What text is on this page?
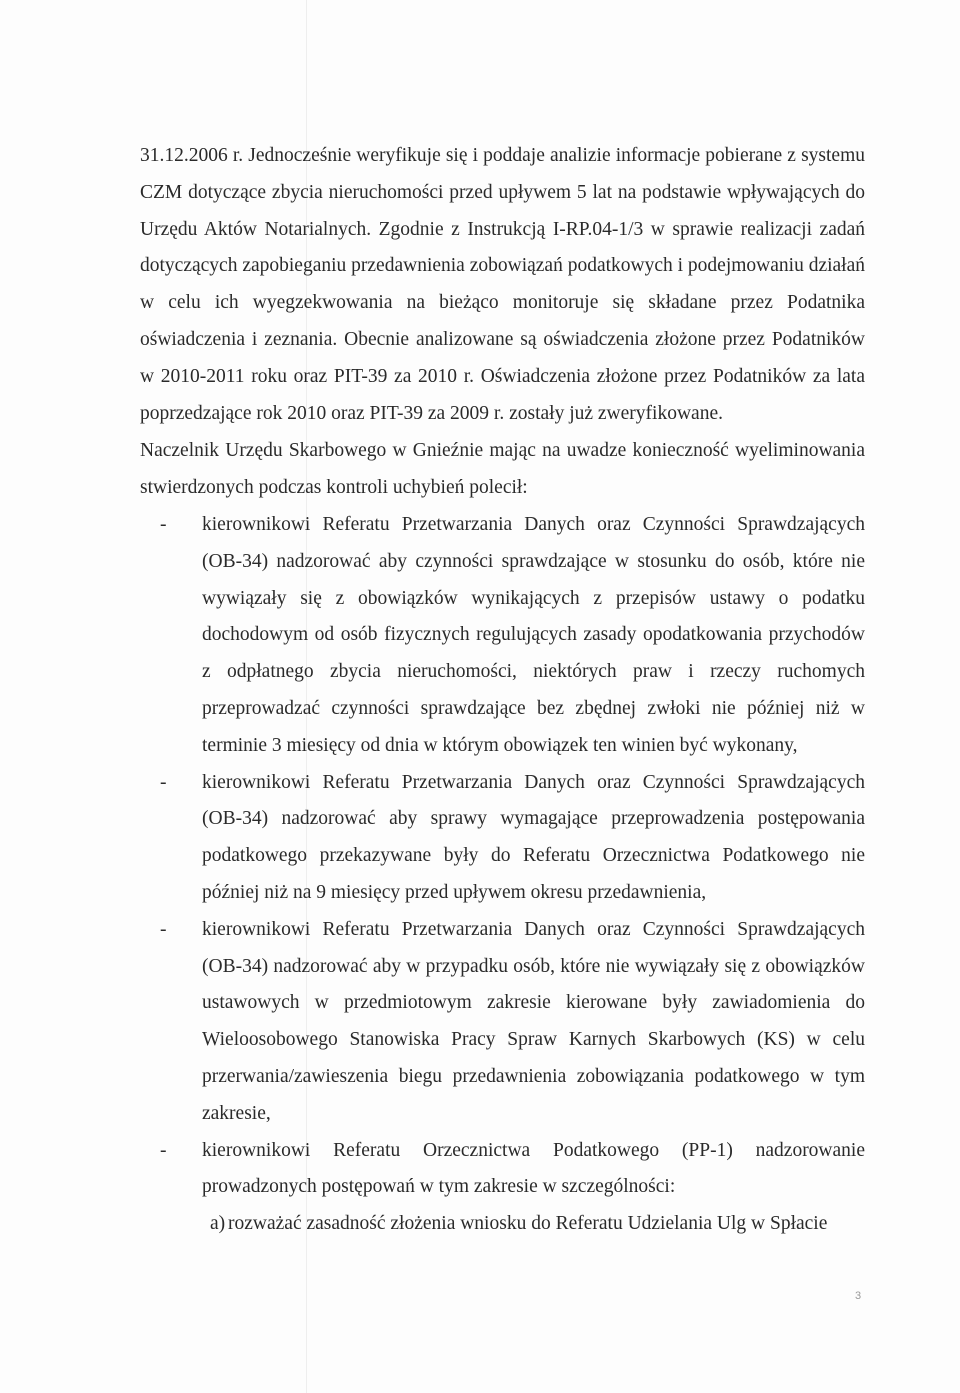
31.12.2006 r. Jednocześnie weryfikuje się i poddaje analizie informacje pobierane z systemu CZM dotyczące zbycia nieruchomości przed upływem 5 lat na podstawie wpływających do Urzędu Aktów Notarialnych. Zgodnie z Instrukcją I-RP.04-1/3 w sprawie realizacji zadań dotyczących zapobieganiu przedawnienia zobowiązań podatkowych i podejmowaniu działań w celu ich wyegzekwowania na bieżąco monitoruje się składane przez Podatnika oświadczenia i zeznania. Obecnie analizowane są oświadczenia złożone przez Podatników w 2010-2011 roku oraz PIT-39 za 2010 r. Oświadczenia złożone przez Podatników za lata poprzedzające rok 2010 oraz PIT-39 za 2009 r. zostały już zweryfikowane.

Naczelnik Urzędu Skarbowego w Gnieźnie mając na uwadze konieczność wyeliminowania stwierdzonych podczas kontroli uchybień polecił:

- kierownikowi Referatu Przetwarzania Danych oraz Czynności Sprawdzających (OB-34) nadzorować aby czynności sprawdzające w stosunku do osób, które nie wywiązały się z obowiązków wynikających z przepisów ustawy o podatku dochodowym od osób fizycznych regulujących zasady opodatkowania przychodów z odpłatnego zbycia nieruchomości, niektórych praw i rzeczy ruchomych przeprowadzać czynności sprawdzające bez zbędnej zwłoki nie później niż w terminie 3 miesięcy od dnia w którym obowiązek ten winien być wykonany,
- kierownikowi Referatu Przetwarzania Danych oraz Czynności Sprawdzających (OB-34) nadzorować aby sprawy wymagające przeprowadzenia postępowania podatkowego przekazywane były do Referatu Orzecznictwa Podatkowego nie później niż na 9 miesięcy przed upływem okresu przedawnienia,
- kierownikowi Referatu Przetwarzania Danych oraz Czynności Sprawdzających (OB-34) nadzorować aby w przypadku osób, które nie wywiązały się z obowiązków ustawowych w przedmiotowym zakresie kierowane były zawiadomienia do Wieloosobowego Stanowiska Pracy Spraw Karnych Skarbowych (KS) w celu przerwania/zawieszenia biegu przedawnienia zobowiązania podatkowego w tym zakresie,
- kierownikowi Referatu Orzecznictwa Podatkowego (PP-1) nadzorowanie prowadzonych postępowań w tym zakresie w szczególności:
a) rozważać zasadność złożenia wniosku do Referatu Udzielania Ulg w Spłacie
3
